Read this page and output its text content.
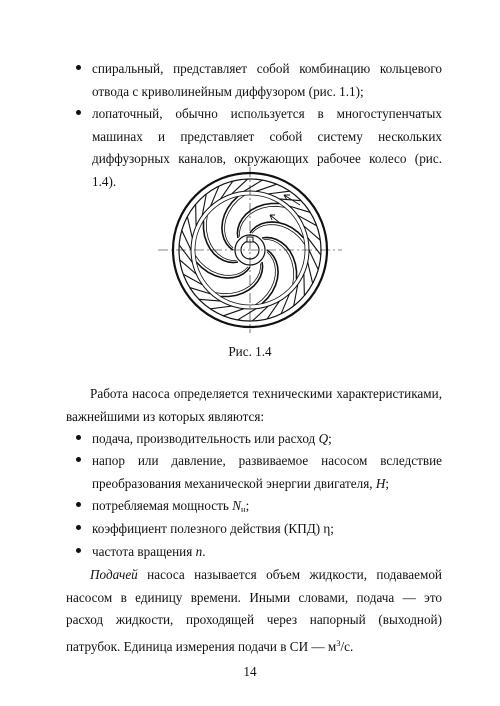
спиральный, представляет собой комбинацию кольцевого отвода с криволинейным диффузором (рис. 1.1);
лопаточный, обычно используется в многоступенчатых машинах и представляет собой систему нескольких диффузорных каналов, окружающих рабочее колесо (рис. 1.4).
Рис. 1.4
Работа насоса определяется техническими характеристиками, важнейшими из которых являются:
подача, производительность или расход Q;
напор или давление, развиваемое насосом вследствие преобразования механической энергии двигателя, H;
потребляемая мощность $N_н$;
коэффициент полезного действия (КПД) η;
частота вращения n.
Подачей насоса называется объем жидкости, подаваемой насосом в единицу времени. Иными словами, подача — это расход жидкости, проходящей через напорный (выходной) патрубок. Единица измерения подачи в СИ — $м^3/с$.
14
